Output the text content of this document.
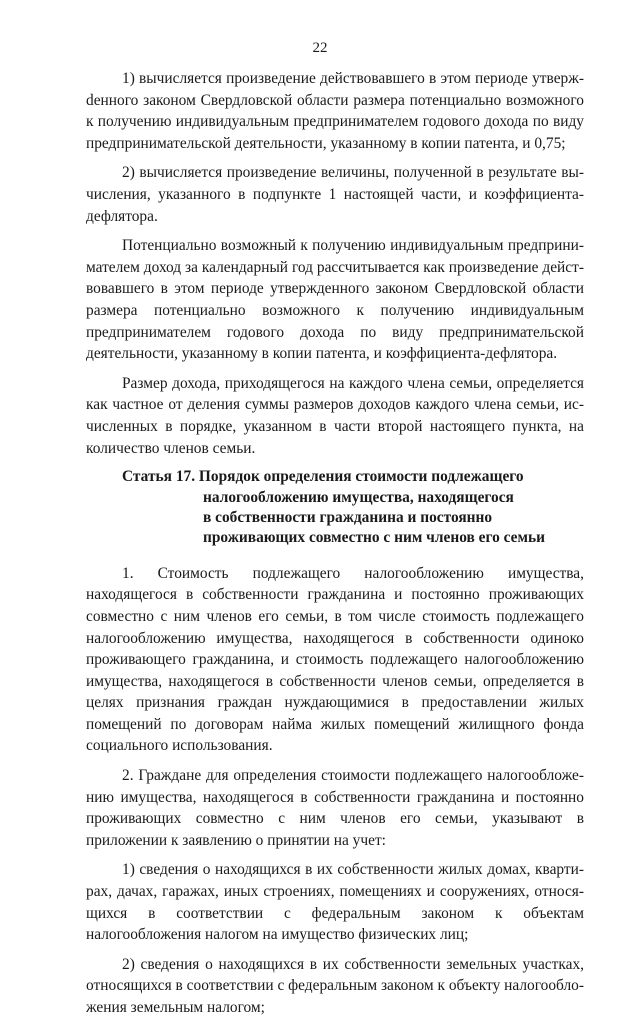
22

1) вычисляется произведение действовавшего в этом периоде утвержdенного законом Свердловской области размера потенциально возможного к получению индивидуальным предпринимателем годового дохода по виду предпринимательской деятельности, указанному в копии патента, и 0,75;

2) вычисляется произведение величины, полученной в результате вычисления, указанного в подпункте 1 настоящей части, и коэффициента-дефлятора.

Потенциально возможный к получению индивидуальным предпринимателем доход за календарный год рассчитывается как произведение действовавшего в этом периоде утвержденного законом Свердловской области размера потенциально возможного к получению индивидуальным предпринимателем годового дохода по виду предпринимательской деятельности, указанному в копии патента, и коэффициента-дефлятора.

Размер дохода, приходящегося на каждого члена семьи, определяется как частное от деления суммы размеров доходов каждого члена семьи, исчисленных в порядке, указанном в части второй настоящего пункта, на количество членов семьи.

Статья 17. Порядок определения стоимости подлежащего
налогообложению имущества, находящегося
в собственности гражданина и постоянно
проживающих совместно с ним членов его семьи

1. Стоимость подлежащего налогообложению имущества, находящегося в собственности гражданина и постоянно проживающих совместно с ним членов его семьи, в том числе стоимость подлежащего налогообложению имущества, находящегося в собственности одиноко проживающего гражданина, и стоимость подлежащего налогообложению имущества, находящегося в собственности членов семьи, определяется в целях признания граждан нуждающимися в предоставлении жилых помещений по договорам найма жилых помещений жилищного фонда социального использования.

2. Граждане для определения стоимости подлежащего налогообложению имущества, находящегося в собственности гражданина и постоянно проживающих совместно с ним членов его семьи, указывают в приложении к заявлению о принятии на учет:

1) сведения о находящихся в их собственности жилых домах, квартирах, дачах, гаражах, иных строениях, помещениях и сооружениях, относящихся в соответствии с федеральным законом к объектам налогообложения налогом на имущество физических лиц;

2) сведения о находящихся в их собственности земельных участках, относящихся в соответствии с федеральным законом к объекту налогообложения земельным налогом;
